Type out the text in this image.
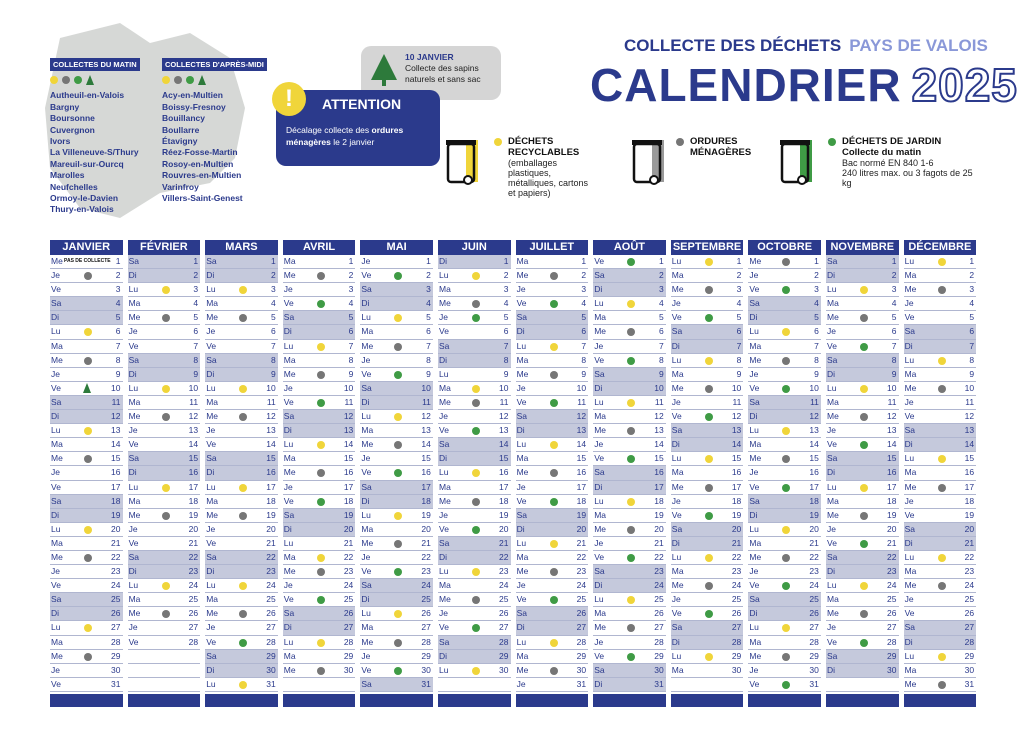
COLLECTES DU MATIN
Autheuil-en-Valois
Bargny
Boursonne
Cuvergnon
Ivors
La Villeneuve-S/Thury
Mareuil-sur-Ourcq
Marolles
Neufchelles
Ormoy-le-Davien
Thury-en-Valois
COLLECTES D'APRÈS-MIDI
Acy-en-Multien
Boissy-Fresnoy
Bouillancy
Boullarre
Étavigny
Réez-Fosse-Martin
Rosoy-en-Multien
Rouvres-en-Multien
Varinfroy
Villers-Saint-Genest
10 JANVIER
Collecte des sapins naturels et sans sac
!	ATTENTION
Décalage collecte des ordures ménagères le 2 janvier
COLLECTE DES DÉCHETS PAYS DE VALOIS
CALENDRIER 2025
DÉCHETS RECYCLABLES
(emballages plastiques, métalliques, cartons et papiers)
ORDURES MÉNAGÈRES
DÉCHETS DE JARDIN
Collecte du matin
Bac normé EN 840 1-6
240 litres max. ou 3 fagots de 25 kg
JANVIER
Me	1
PAS DE COLLECTE
Je	2
Ve	3
Sa	4
Di	5
Lu	6
Ma	7
Me	8
Je	9
Ve	10
Sa	11
Di	12
Lu	13
Ma	14
Me	15
Je	16
Ve	17
Sa	18
Di	19
Lu	20
Ma	21
Me	22
Je	23
Ve	24
Sa	25
Di	26
Lu	27
Ma	28
Me	29
Je	30
Ve	31
FÉVRIER
Sa	1
Di	2
Lu	3
Ma	4
Me	5
Je	6
Ve	7
Sa	8
Di	9
Lu	10
Ma	11
Me	12
Je	13
Ve	14
Sa	15
Di	16
Lu	17
Ma	18
Me	19
Je	20
Ve	21
Sa	22
Di	23
Lu	24
Ma	25
Me	26
Je	27
Ve	28
MARS
Sa	1
Di	2
Lu	3
Ma	4
Me	5
Je	6
Ve	7
Sa	8
Di	9
Lu	10
Ma	11
Me	12
Je	13
Ve	14
Sa	15
Di	16
Lu	17
Ma	18
Me	19
Je	20
Ve	21
Sa	22
Di	23
Lu	24
Ma	25
Me	26
Je	27
Ve	28
Sa	29
Di	30
Lu	31
AVRIL
Ma	1
Me	2
Je	3
Ve	4
Sa	5
Di	6
Lu	7
Ma	8
Me	9
Je	10
Ve	11
Sa	12
Di	13
Lu	14
Ma	15
Me	16
Je	17
Ve	18
Sa	19
Di	20
Lu	21
Ma	22
Me	23
Je	24
Ve	25
Sa	26
Di	27
Lu	28
Ma	29
Me	30
MAI
Je	1
Ve	2
Sa	3
Di	4
Lu	5
Ma	6
Me	7
Je	8
Ve	9
Sa	10
Di	11
Lu	12
Ma	13
Me	14
Je	15
Ve	16
Sa	17
Di	18
Lu	19
Ma	20
Me	21
Je	22
Ve	23
Sa	24
Di	25
Lu	26
Ma	27
Me	28
Je	29
Ve	30
Sa	31
JUIN
Di	1
Lu	2
Ma	3
Me	4
Je	5
Ve	6
Sa	7
Di	8
Lu	9
Ma	10
Me	11
Je	12
Ve	13
Sa	14
Di	15
Lu	16
Ma	17
Me	18
Je	19
Ve	20
Sa	21
Di	22
Lu	23
Ma	24
Me	25
Je	26
Ve	27
Sa	28
Di	29
Lu	30
JUILLET
Ma	1
Me	2
Je	3
Ve	4
Sa	5
Di	6
Lu	7
Ma	8
Me	9
Je	10
Ve	11
Sa	12
Di	13
Lu	14
Ma	15
Me	16
Je	17
Ve	18
Sa	19
Di	20
Lu	21
Ma	22
Me	23
Je	24
Ve	25
Sa	26
Di	27
Lu	28
Ma	29
Me	30
Je	31
AOÛT
Ve	1
Sa	2
Di	3
Lu	4
Ma	5
Me	6
Je	7
Ve	8
Sa	9
Di	10
Lu	11
Ma	12
Me	13
Je	14
Ve	15
Sa	16
Di	17
Lu	18
Ma	19
Me	20
Je	21
Ve	22
Sa	23
Di	24
Lu	25
Ma	26
Me	27
Je	28
Ve	29
Sa	30
Di	31
SEPTEMBRE
Lu	1
Ma	2
Me	3
Je	4
Ve	5
Sa	6
Di	7
Lu	8
Ma	9
Me	10
Je	11
Ve	12
Sa	13
Di	14
Lu	15
Ma	16
Me	17
Je	18
Ve	19
Sa	20
Di	21
Lu	22
Ma	23
Me	24
Je	25
Ve	26
Sa	27
Di	28
Lu	29
Ma	30
OCTOBRE
Me	1
Je	2
Ve	3
Sa	4
Di	5
Lu	6
Ma	7
Me	8
Je	9
Ve	10
Sa	11
Di	12
Lu	13
Ma	14
Me	15
Je	16
Ve	17
Sa	18
Di	19
Lu	20
Ma	21
Me	22
Je	23
Ve	24
Sa	25
Di	26
Lu	27
Ma	28
Me	29
Je	30
Ve	31
NOVEMBRE
Sa	1
Di	2
Lu	3
Ma	4
Me	5
Je	6
Ve	7
Sa	8
Di	9
Lu	10
Ma	11
Me	12
Je	13
Ve	14
Sa	15
Di	16
Lu	17
Ma	18
Me	19
Je	20
Ve	21
Sa	22
Di	23
Lu	24
Ma	25
Me	26
Je	27
Ve	28
Sa	29
Di	30
DÉCEMBRE
Lu	1
Ma	2
Me	3
Je	4
Ve	5
Sa	6
Di	7
Lu	8
Ma	9
Me	10
Je	11
Ve	12
Sa	13
Di	14
Lu	15
Ma	16
Me	17
Je	18
Ve	19
Sa	20
Di	21
Lu	22
Ma	23
Me	24
Je	25
Ve	26
Sa	27
Di	28
Lu	29
Ma	30
Me	31
